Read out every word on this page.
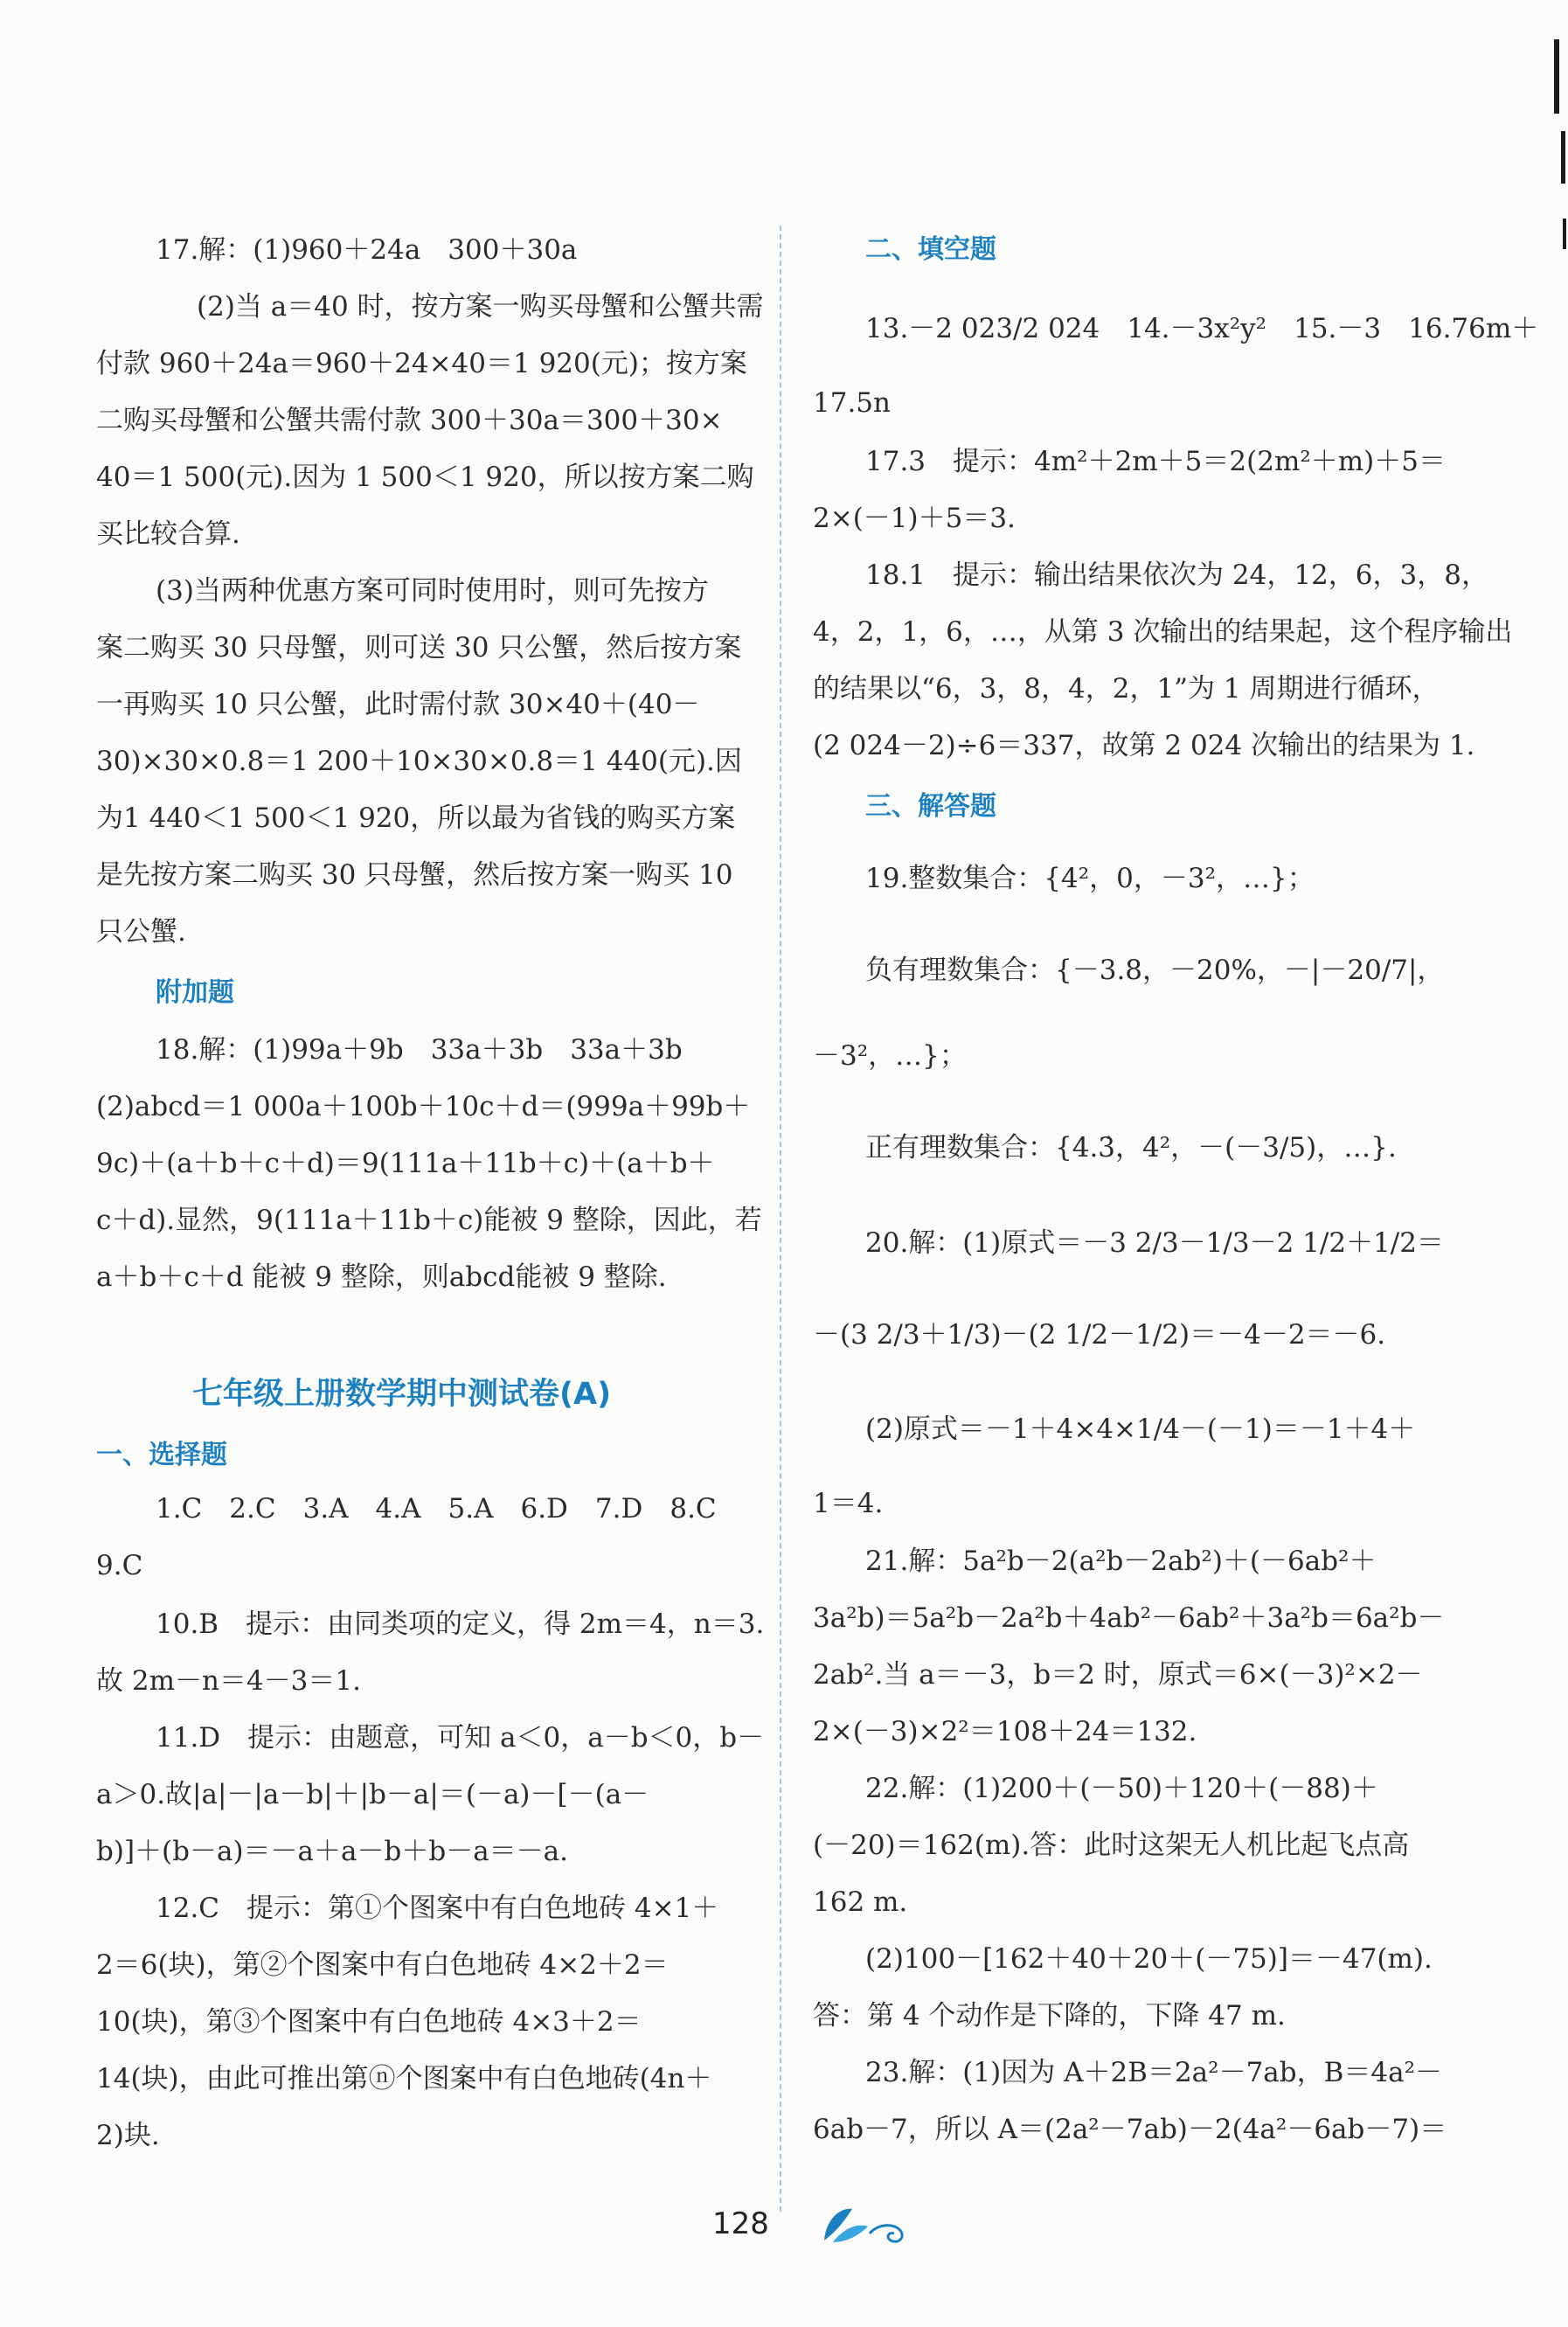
17.解：(1)960＋24a　300＋30a
(2)当 a＝40 时，按方案一购买母蟹和公蟹共需
付款 960＋24a＝960＋24×40＝1 920(元)；按方案
二购买母蟹和公蟹共需付款 300＋30a＝300＋30×
40＝1 500(元).因为 1 500＜1 920，所以按方案二购
买比较合算.
(3)当两种优惠方案可同时使用时，则可先按方
案二购买 30 只母蟹，则可送 30 只公蟹，然后按方案
一再购买 10 只公蟹，此时需付款 30×40＋(40－
30)×30×0.8＝1 200＋10×30×0.8＝1 440(元).因
为1 440＜1 500＜1 920，所以最为省钱的购买方案
是先按方案二购买 30 只母蟹，然后按方案一购买 10
只公蟹.
附加题
18.解：(1)99a＋9b　33a＋3b　33a＋3b
(2)abcd＝1 000a＋100b＋10c＋d＝(999a＋99b＋
9c)＋(a＋b＋c＋d)＝9(111a＋11b＋c)＋(a＋b＋
c＋d).显然，9(111a＋11b＋c)能被 9 整除，因此，若
a＋b＋c＋d 能被 9 整除，则abcd能被 9 整除.
七年级上册数学期中测试卷(A)
一、选择题
1.C　2.C　3.A　4.A　5.A　6.D　7.D　8.C
9.C
10.B　提示：由同类项的定义，得 2m＝4，n＝3.
故 2m－n＝4－3＝1.
11.D　提示：由题意，可知 a＜0，a－b＜0，b－
a＞0.故|a|－|a－b|＋|b－a|＝(－a)－[－(a－
b)]＋(b－a)＝－a＋a－b＋b－a＝－a.
12.C　提示：第①个图案中有白色地砖 4×1＋
2＝6(块)，第②个图案中有白色地砖 4×2＋2＝
10(块)，第③个图案中有白色地砖 4×3＋2＝
14(块)，由此可推出第ⓝ个图案中有白色地砖(4n＋
2)块.
二、填空题
13.－2 023/2 024　14.－3x²y²　15.－3　16.76m＋
17.5n
17.3　提示：4m²＋2m＋5＝2(2m²＋m)＋5＝
2×(－1)＋5＝3.
18.1　提示：输出结果依次为 24，12，6，3，8，
4，2，1，6，…，从第 3 次输出的结果起，这个程序输出
的结果以“6，3，8，4，2，1”为 1 周期进行循环，
(2 024－2)÷6＝337，故第 2 024 次输出的结果为 1.
三、解答题
19.整数集合：{4²，0，－3²，…}；
负有理数集合：{－3.8，－20%，－|－20/7|，
－3²，…}；
正有理数集合：{4.3̇，4²，－(－3/5)，…}.
20.解：(1)原式＝－3 2/3－1/3－2 1/2＋1/2＝
－(3 2/3＋1/3)－(2 1/2－1/2)＝－4－2＝－6.
(2)原式＝－1＋4×4×1/4－(－1)＝－1＋4＋
1＝4.
21.解：5a²b－2(a²b－2ab²)＋(－6ab²＋
3a²b)＝5a²b－2a²b＋4ab²－6ab²＋3a²b＝6a²b－
2ab².当 a＝－3，b＝2 时，原式＝6×(－3)²×2－
2×(－3)×2²＝108＋24＝132.
22.解：(1)200＋(－50)＋120＋(－88)＋
(－20)＝162(m).答：此时这架无人机比起飞点高
162 m.
(2)100－[162＋40＋20＋(－75)]＝－47(m).
答：第 4 个动作是下降的，下降 47 m.
23.解：(1)因为 A＋2B＝2a²－7ab，B＝4a²－
6ab－7，所以 A＝(2a²－7ab)－2(4a²－6ab－7)＝
128
